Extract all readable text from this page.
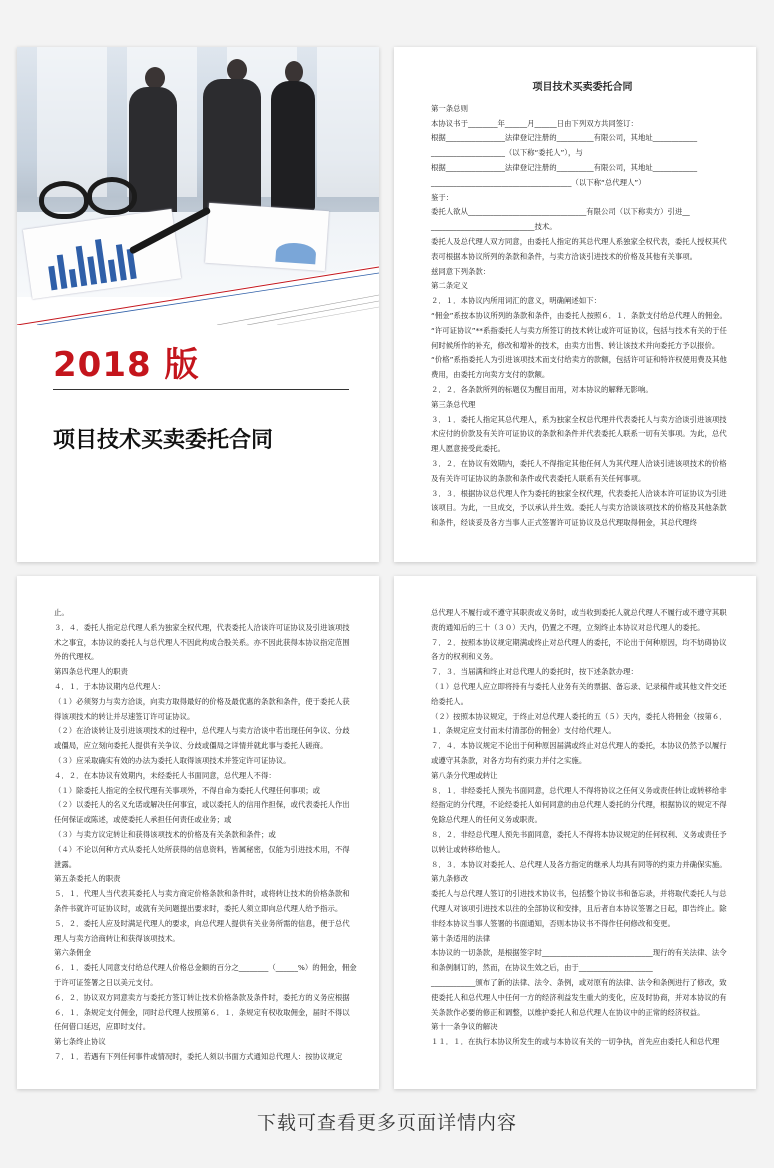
2018 版
项目技术买卖委托合同
项目技术买卖委托合同

第一条总则

本协议书于________年______月______日由下列双方共同签订：

根据________________法律登记注册的__________有限公司，其地址____________

____________________（以下称“委托人”），与

根据________________法律登记注册的__________有限公司，其地址____________

______________________________________（以下称“总代理人”）

鉴于：

委托人欲从________________________________有限公司（以下称卖方）引进__

____________________________技术。

委托人及总代理人双方同意，由委托人指定的其总代理人系独家全权代表，委托人授权其代表可根据本协议所列的条款和条件，与卖方洽谈引进技术的价格及其他有关事项。

兹同意下列条款：

第二条定义

２．１．本协议内所用词汇的意义，明确阐述如下：

“佣金”系按本协议所列的条款和条件，由委托人按照６．１．条款支付给总代理人的佣金。

“许可证协议”**系指委托人与卖方所签订的技术转让或许可证协议，包括与技术有关的于任何时候所作的补充，修改和增补的技术，由卖方出售、转让该技术并向委托方予以报价。

“价格”系指委托人为引进该项技术而支付给卖方的款额，包括许可证和特许权使用费及其他费用，由委托方向卖方支付的款额。

２．２．各条款所列的标题仅为醒目而用，对本协议的解释无影响。

第三条总代理

３．１．委托人指定其总代理人，系为独家全权总代理并代表委托人与卖方洽谈引进该项技术应付的价款及有关许可证协议的条款和条件并代表委托人联系一切有关事项。为此，总代理人愿意接受此委托。

３．２．在协议有效期内，委托人不得指定其他任何人为其代理人洽谈引进该项技术的价格及有关许可证协议的条款和条件或代表委托人联系有关任何事项。

３．３．根据协议总代理人作为委托的独家全权代理，代表委托人洽谈本许可证协议为引进该项目。为此，一旦成交，予以承认并生效。委托人与卖方洽谈该项技术的价格及其他条款和条件，经谈妥及各方当事人正式签署许可证协议及总代理取得佣金，其总代理终

止。

３．４．委托人指定总代理人系为独家全权代理，代表委托人洽谈许可证协议及引进该项技术之事宜，本协议的委托人与总代理人不因此构成合股关系。亦不因此获得本协议指定范围外的代理权。

第四条总代理人的职责

４．１．于本协议期内总代理人：

（１）必须努力与卖方洽谈，向卖方取得最好的价格及最优惠的条款和条件，使于委托人获得该项技术的转让并尽速签订许可证协议。

（２）在洽谈转让及引进该项技术的过程中，总代理人与卖方洽谈中若出现任何争议、分歧或僵局，应立刻向委托人提供有关争议、分歧或僵局之详情并就此事与委托人磋商。

（３）应采取确实有效的办法为委托人取得该项技术并签定许可证协议。

４．２．在本协议有效期内，未经委托人书面同意，总代理人不得：

（１）除委托人指定的全权代理有关事项外，不得自命为委托人代理任何事项；或

（２）以委托人的名义允诺或解决任何事宜，或以委托人的信用作担保，或代表委托人作出任何保证或陈述，或使委托人承担任何责任或业务；或

（３）与卖方议定转让和获得该项技术的价格及有关条款和条件；或

（４）不论以何种方式从委托人处所获得的信息资料，皆属秘密，仅能为引进技术用，不得泄露。

第五条委托人的职责

５．１．代理人当代表其委托人与卖方商定价格条款和条件时，或将转让技术的价格条款和条件书就许可证协议时，或就有关问题提出要求时，委托人须立即向总代理人给予指示。

５．２．委托人应及时满足代理人的要求，向总代理人提供有关业务所需的信息，便于总代理人与卖方洽商转让和获得该项技术。

第六条佣金

６．１．委托人同意支付给总代理人价格总金额的百分之________（______%）的佣金，佣金于许可证签署之日以美元支付。

６．２．协议双方同意卖方与委托方签订转让技术价格条款及条件时，委托方的义务应根据６．１．条规定支付佣金，同时总代理人按照第６．１．条规定有权收取佣金，届时不得以任何借口延迟，应即时支付。

第七条终止协议

７．１．若遇有下列任何事件或情况时，委托人须以书面方式通知总代理人：按协议规定

总代理人不履行或不遵守其职责或义务时，或当收到委托人就总代理人不履行或不遵守其职责的通知后的三十（３０）天内，仍置之不理，立刻终止本协议对总代理人的委托。

７．２．按照本协议规定期满或终止对总代理人的委托，不论出于何种原因，均不妨碍协议各方的权利和义务。

７．３．当届满和终止对总代理人的委托时，按下述条款办理：

（１）总代理人应立即将持有与委托人业务有关的票据、备忘录、记录稿件或其他文件交还给委托人。

（２）按照本协议规定，于终止对总代理人委托的五（５）天内，委托人将佣金（按第６．１．条规定应支付而未付清部份的佣金）支付给代理人。

７．４．本协议规定不论出于何种原因届满或终止对总代理人的委托，本协议仍然予以履行或遵守其条款，对各方均有约束力并付之实施。

第八条分代理或转让

８．１．非经委托人预先书面同意，总代理人不得将协议之任何义务或责任转让或转移给非经指定的分代理，不论经委托人如何同意的由总代理人委托的分代理，根据协议的规定不得免除总代理人的任何义务或职责。

８．２．非经总代理人预先书面同意，委托人不得将本协议规定的任何权利、义务或责任予以转让或转移给他人。

８．３．本协议对委托人、总代理人及各方指定的继承人均具有同等的约束力并确保实施。

第九条修改

委托人与总代理人签订的引进技术协议书，包括整个协议书和备忘录，并将取代委托人与总代理人对该项引进技术以往的全部协议和安排，且后者自本协议签署之日起，即告终止。除非经本协议当事人签署的书面通知，否则本协议书不得作任何修改和变更。

第十条适用的法律

本协议的一切条款，是根据签字时______________________________现行的有关法律、法令和条例制订的，然而，在协议生效之后，由于____________________

____________颁布了新的法律、法令、条例，或对原有的法律、法令和条例进行了修改，致使委托人和总代理人中任何一方的经济利益发生重大的变化，应及时协商，并对本协议的有关条款作必要的修正和调整，以维护委托人和总代理人在协议中的正常的经济权益。

第十一条争议的解决

１１．１．在执行本协议所发生的或与本协议有关的一切争执，首先应由委托人和总代理

下载可查看更多页面详情内容
